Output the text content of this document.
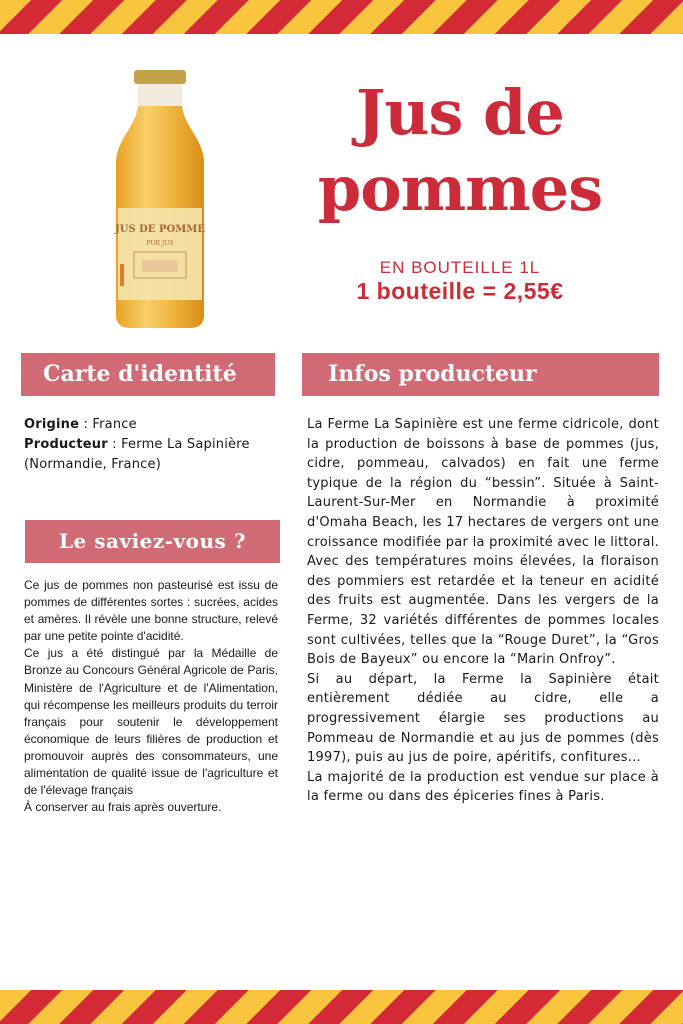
JUS DE POMME
PUR JUS
Jus de
pommes
EN BOUTEILLE 1L
1 bouteille = 2,55€
Carte d'identité	Infos producteur
Origine : France
Producteur : Ferme La Sapinière (Normandie, France)
Le saviez-vous ?

Ce jus de pommes non pasteurisé est issu de pommes de différentes sortes : sucrées, acides et amères. Il révèle une bonne structure, relevé par une petite pointe d'acidité.

Ce jus a été distingué par la Médaille de Bronze au Concours Général Agricole de Paris, Ministère de l'Agriculture et de l'Alimentation, qui récompense les meilleurs produits du terroir français pour soutenir le développement économique de leurs filières de production et promouvoir auprès des consommateurs, une alimentation de qualité issue de l'agriculture et de l'élevage français

À conserver au frais après ouverture.

La Ferme La Sapinière est une ferme cidricole, dont la production de boissons à base de pommes (jus, cidre, pommeau, calvados) en fait une ferme typique de la région du “bessin”. Située à Saint-Laurent-Sur-Mer en Normandie à proximité d'Omaha Beach, les 17 hectares de vergers ont une croissance modifiée par la proximité avec le littoral. Avec des températures moins élevées, la floraison des pommiers est retardée et la teneur en acidité des fruits est augmentée. Dans les vergers de la Ferme, 32 variétés différentes de pommes locales sont cultivées, telles que la “Rouge Duret”, la “Gros Bois de Bayeux” ou encore la “Marin Onfroy”.

Si au départ, la Ferme la Sapinière était entièrement dédiée au cidre, elle a progressivement élargie ses productions au Pommeau de Normandie et au jus de pommes (dès 1997), puis au jus de poire, apéritifs, confitures…

La majorité de la production est vendue sur place à la ferme ou dans des épiceries fines à Paris.
